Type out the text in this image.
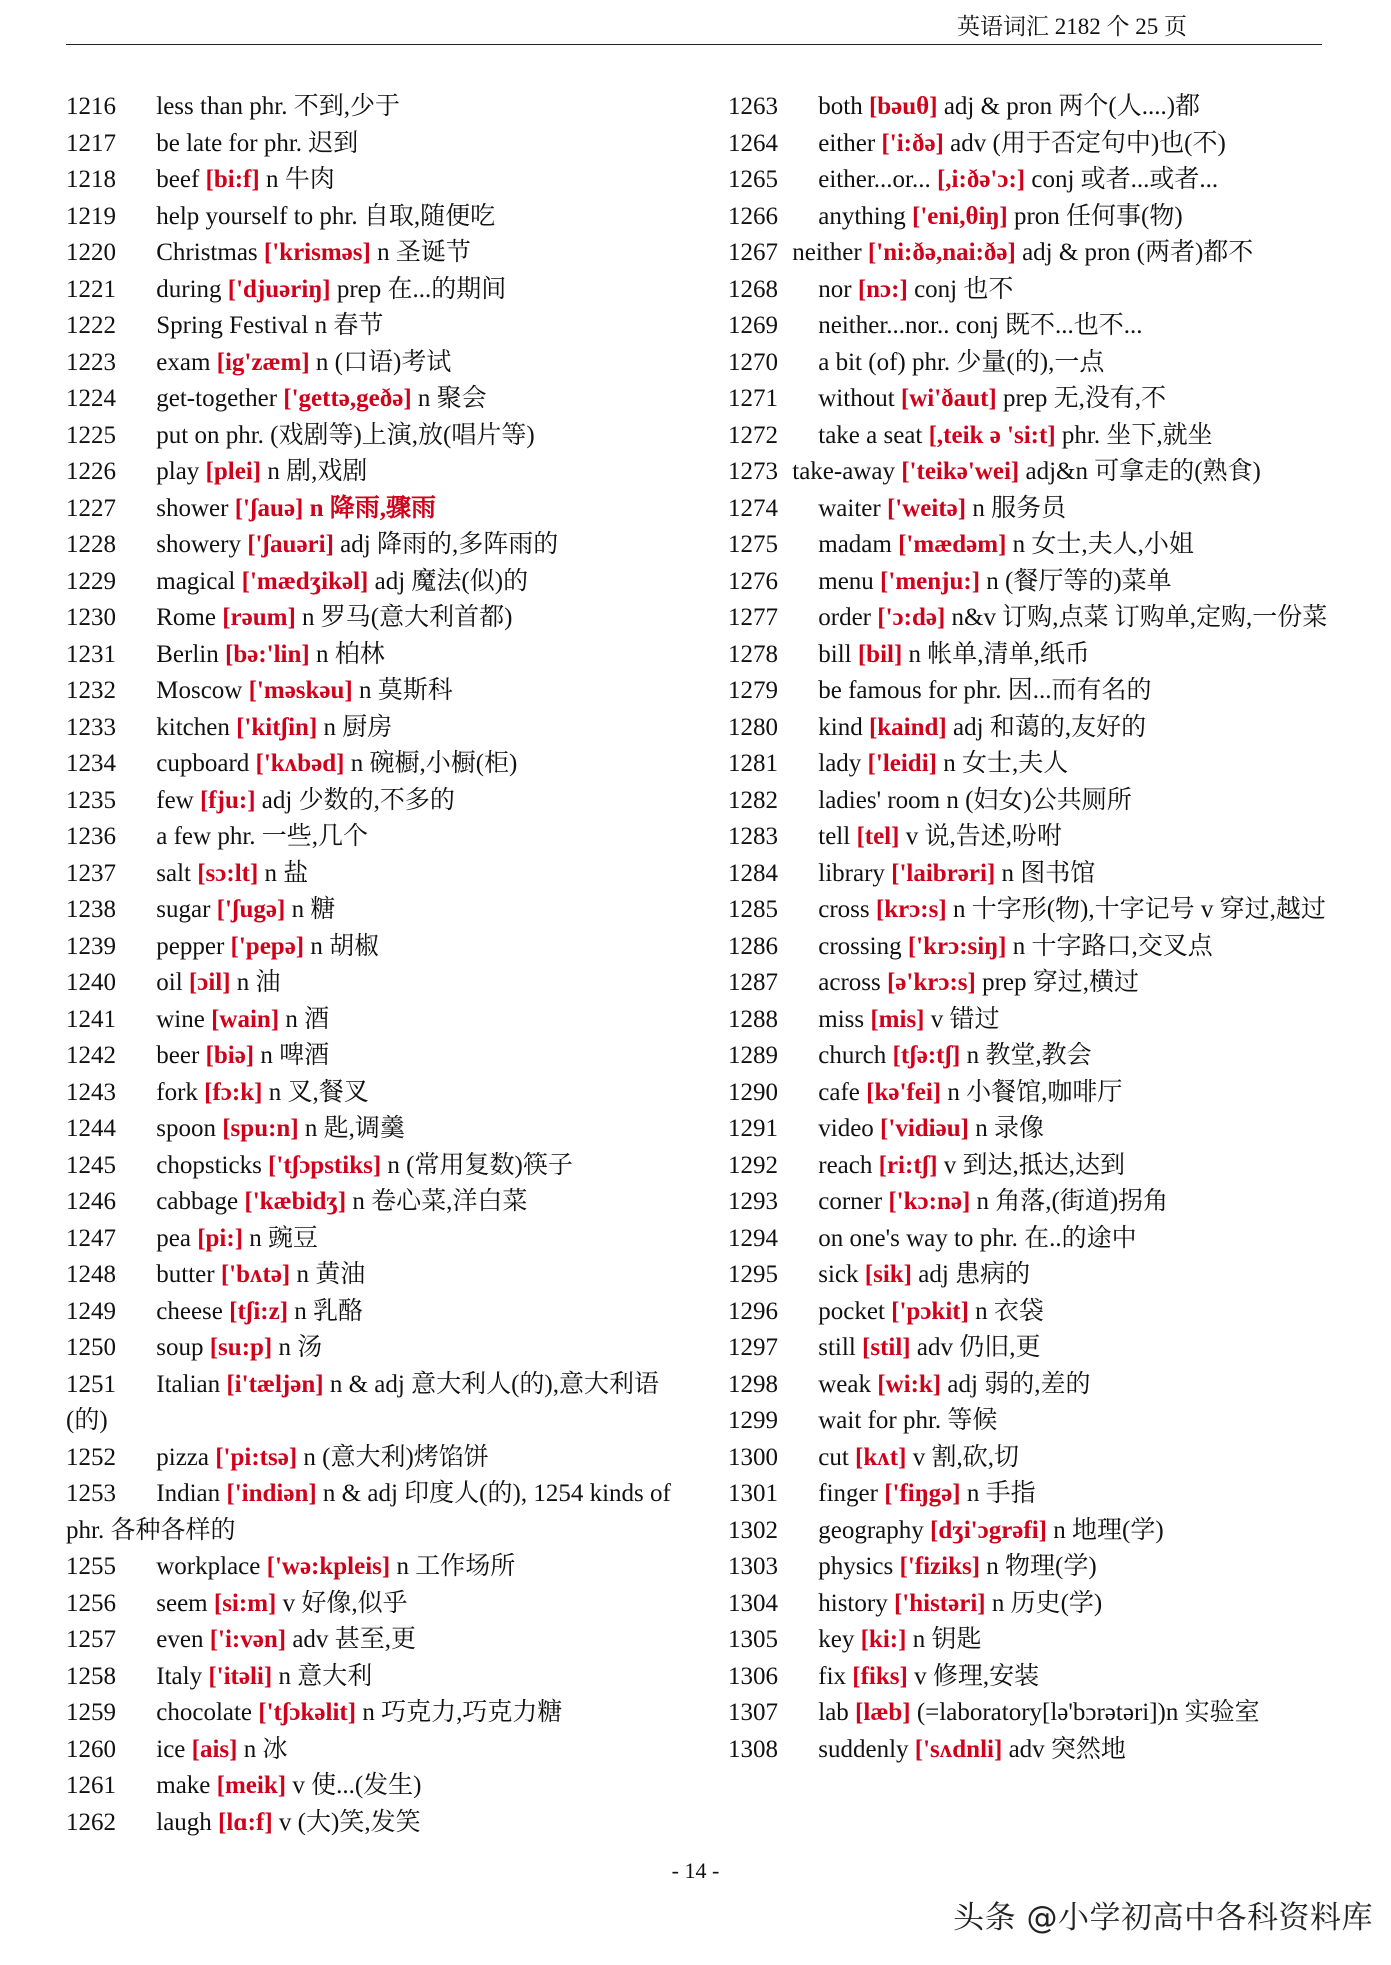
英语词汇 2182 个 25 页
1216 less than phr. 不到,少于
1217 be late for phr. 迟到
1218 beef [bi:f] n 牛肉
1219 help yourself to phr. 自取,随便吃
1220 Christmas ['krisməs] n 圣诞节
1221 during ['djuəriŋ] prep 在...的期间
1222 Spring Festival n 春节
1223 exam [ig'zæm] n (口语)考试
1224 get-together ['gettə,geðə] n 聚会
1225 put on phr. (戏剧等)上演,放(唱片等)
1226 play [plei] n 剧,戏剧
1227 shower ['ʃauə] n 降雨,骤雨
1228 showery ['ʃauəri] adj 降雨的,多阵雨的
1229 magical ['mædʒikəl] adj 魔法(似)的
1230 Rome [rəum] n 罗马(意大利首都)
1231 Berlin [bə:'lin] n 柏林
1232 Moscow ['məskəu] n 莫斯科
1233 kitchen ['kitʃin] n 厨房
1234 cupboard ['kʌbəd] n 碗橱,小橱(柜)
1235 few [fju:] adj 少数的,不多的
1236 a few phr. 一些,几个
1237 salt [sɔ:lt] n 盐
1238 sugar ['ʃugə] n 糖
1239 pepper ['pepə] n 胡椒
1240 oil [ɔil] n 油
1241 wine [wain] n 酒
1242 beer [biə] n 啤酒
1243 fork [fɔ:k] n 叉,餐叉
1244 spoon [spu:n] n 匙,调羹
1245 chopsticks ['tʃɔpstiks] n (常用复数)筷子
1246 cabbage ['kæbidʒ] n 卷心菜,洋白菜
1247 pea [pi:] n 豌豆
1248 butter ['bʌtə] n 黄油
1249 cheese [tʃi:z] n 乳酪
1250 soup [su:p] n 汤
1251 Italian [i'tæljən] n & adj 意大利人(的),意大利语(的)
1252 pizza ['pi:tsə] n (意大利)烤馅饼
1253 Indian ['indiən] n & adj 印度人(的), 1254 kinds of phr. 各种各样的
1255 workplace ['wə:kpleis] n 工作场所
1256 seem [si:m] v 好像,似乎
1257 even ['i:vən] adv 甚至,更
1258 Italy ['itəli] n 意大利
1259 chocolate ['tʃɔkəlit] n 巧克力,巧克力糖
1260 ice [ais] n 冰
1261 make [meik] v 使...(发生)
1262 laugh [lɑ:f] v (大)笑,发笑
1263 both [bəuθ] adj & pron 两个(人....)都
1264 either ['i:ðə] adv (用于否定句中)也(不)
1265 either...or... [,i:ðə'ɔ:] conj 或者...或者...
1266 anything ['eni,θiŋ] pron 任何事(物)
1267 neither ['ni:ðə,nai:ðə] adj & pron (两者)都不
1268 nor [nɔ:] conj 也不
1269 neither...nor.. conj 既不...也不...
1270 a bit (of) phr. 少量(的),一点
1271 without [wi'ðaut] prep 无,没有,不
1272 take a seat [,teik ə 'si:t] phr. 坐下,就坐
1273 take-away ['teikə'wei] adj&n 可拿走的(熟食)
1274 waiter ['weitə] n 服务员
1275 madam ['mædəm] n 女士,夫人,小姐
1276 menu ['menju:] n (餐厅等的)菜单
1277 order ['ɔ:də] n&v 订购,点菜 订购单,定购,一份菜
1278 bill [bil] n 帐单,清单,纸币
1279 be famous for phr. 因...而有名的
1280 kind [kaind] adj 和蔼的,友好的
1281 lady ['leidi] n 女士,夫人
1282 ladies' room n (妇女)公共厕所
1283 tell [tel] v 说,告述,吩咐
1284 library ['laibrəri] n 图书馆
1285 cross [krɔ:s] n 十字形(物),十字记号 v 穿过,越过
1286 crossing ['krɔ:siŋ] n 十字路口,交叉点
1287 across [ə'krɔ:s] prep 穿过,横过
1288 miss [mis] v 错过
1289 church [tʃə:tʃ] n 教堂,教会
1290 cafe [kə'fei] n 小餐馆,咖啡厅
1291 video ['vidiəu] n 录像
1292 reach [ri:tʃ] v 到达,抵达,达到
1293 corner ['kɔ:nə] n 角落,(街道)拐角
1294 on one's way to phr. 在..的途中
1295 sick [sik] adj 患病的
1296 pocket ['pɔkit] n 衣袋
1297 still [stil] adv 仍旧,更
1298 weak [wi:k] adj 弱的,差的
1299 wait for phr. 等候
1300 cut [kʌt] v 割,砍,切
1301 finger ['fiŋgə] n 手指
1302 geography [dʒi'ɔgrəfi] n 地理(学)
1303 physics ['fiziks] n 物理(学)
1304 history ['histəri] n 历史(学)
1305 key [ki:] n 钥匙
1306 fix [fiks] v 修理,安装
1307 lab [læb] (=laboratory[lə'bɔrətəri])n 实验室
1308 suddenly ['sʌdnli] adv 突然地
- 14 -
头条 @小学初高中各科资料库
